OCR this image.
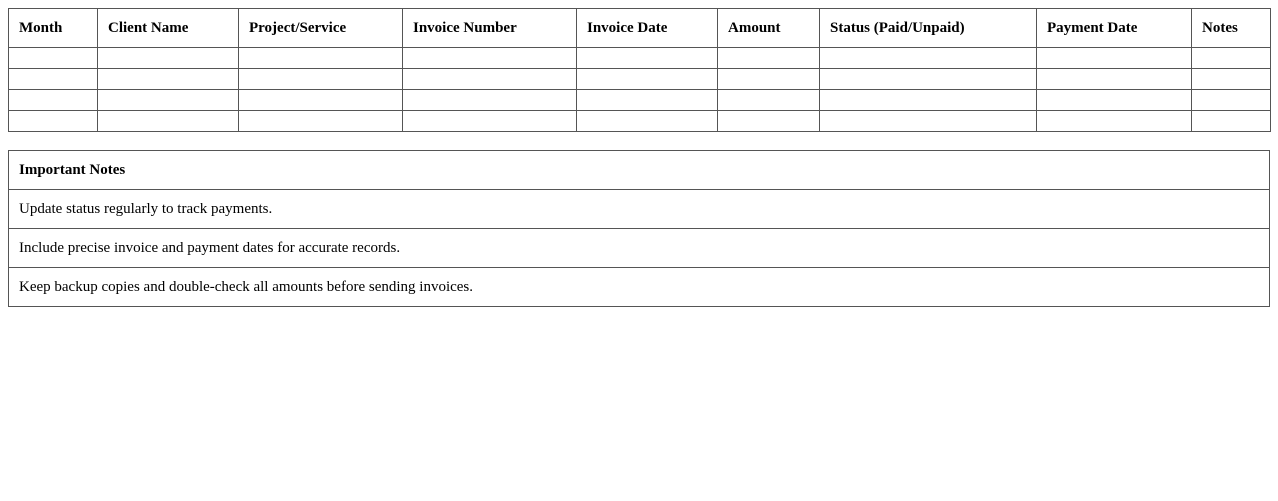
Month	Client Name	Project/Service	Invoice Number	Invoice Date	Amount	Status (Paid/Unpaid)	Payment Date	Notes

Important Notes
Update status regularly to track payments.
Include precise invoice and payment dates for accurate records.
Keep backup copies and double-check all amounts before sending invoices.
